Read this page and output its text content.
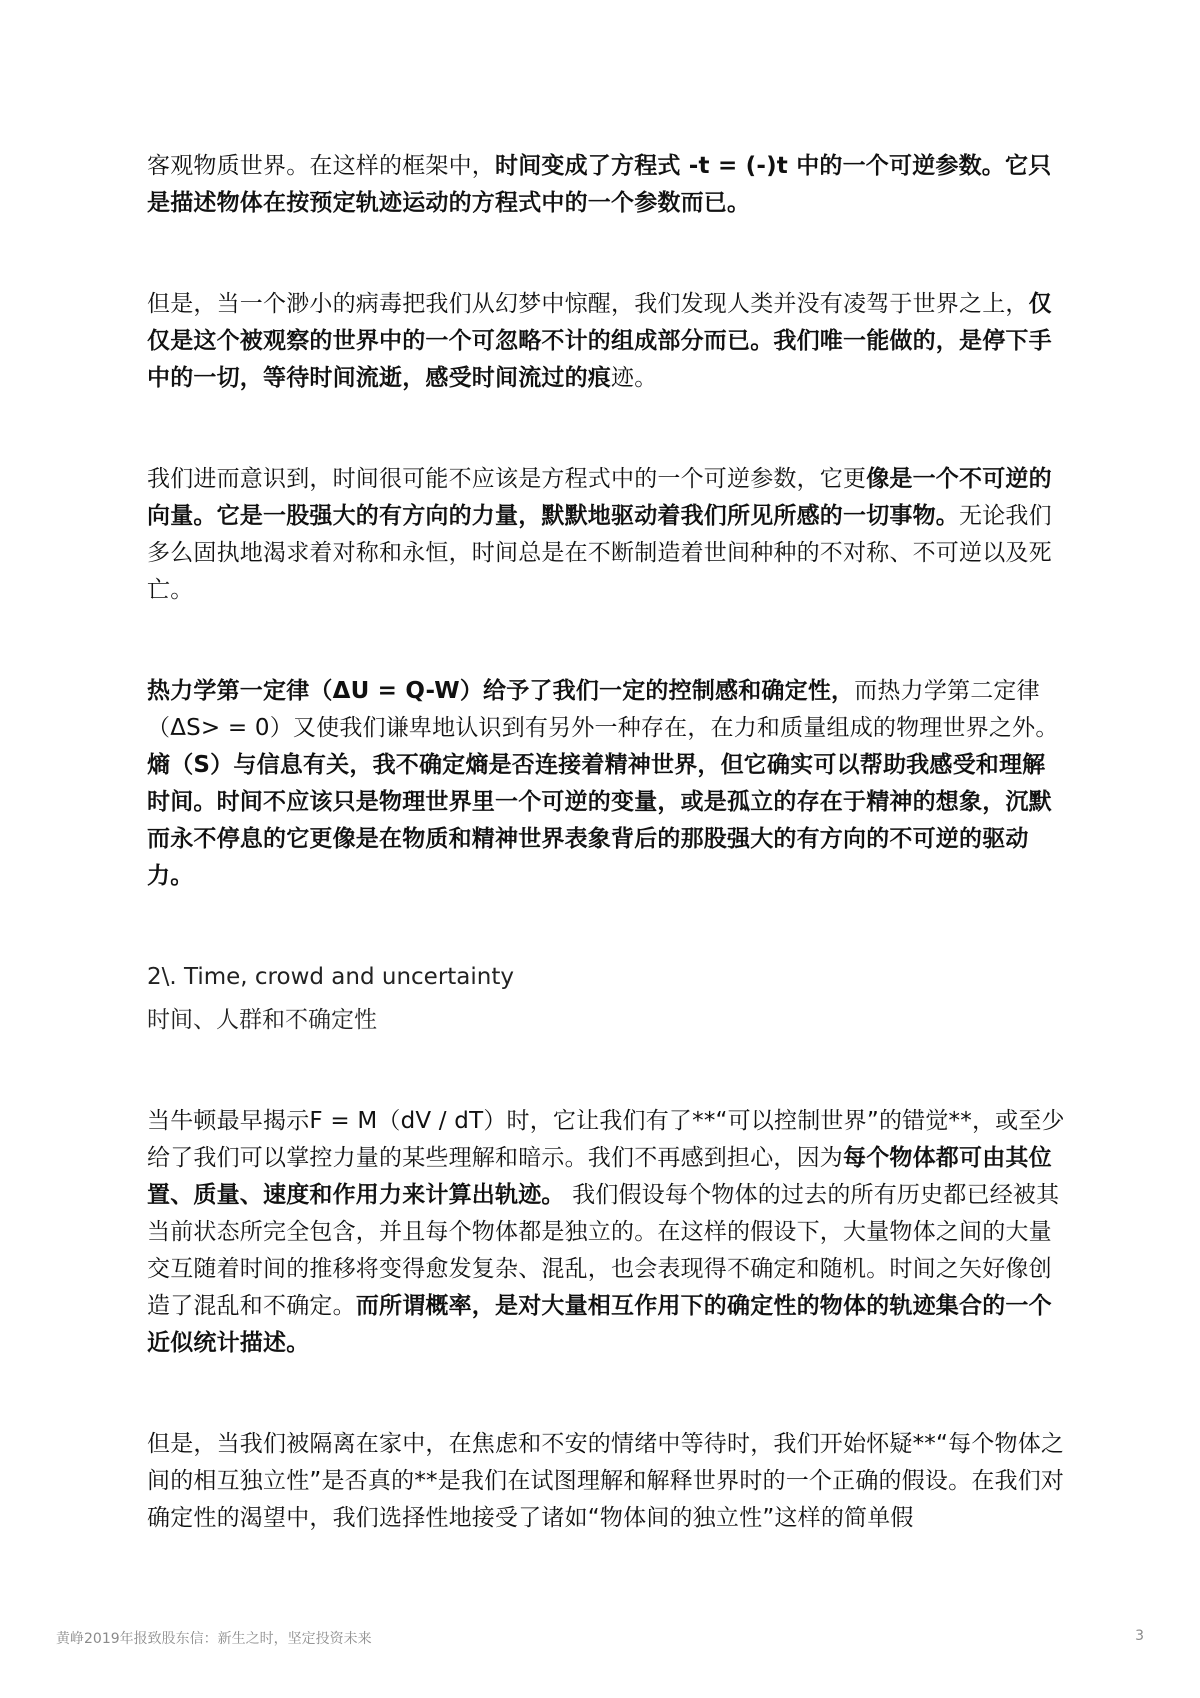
客观物质世界。在这样的框架中，时间变成了方程式 -t = (-)t 中的一个可逆参数。它只是描述物体在按预定轨迹运动的方程式中的一个参数而已。

但是，当一个渺小的病毒把我们从幻梦中惊醒，我们发现人类并没有凌驾于世界之上，仅仅是这个被观察的世界中的一个可忽略不计的组成部分而已。我们唯一能做的，是停下手中的一切，等待时间流逝，感受时间流过的痕迹。

我们进而意识到，时间很可能不应该是方程式中的一个可逆参数，它更像是一个不可逆的向量。它是一股强大的有方向的力量，默默地驱动着我们所见所感的一切事物。无论我们多么固执地渴求着对称和永恒，时间总是在不断制造着世间种种的不对称、不可逆以及死亡。

热力学第一定律（ΔU = Q-W）给予了我们一定的控制感和确定性，而热力学第二定律（ΔS> = 0）又使我们谦卑地认识到有另外一种存在，在力和质量组成的物理世界之外。熵（S）与信息有关，我不确定熵是否连接着精神世界，但它确实可以帮助我感受和理解时间。时间不应该只是物理世界里一个可逆的变量，或是孤立的存在于精神的想象，沉默而永不停息的它更像是在物质和精神世界表象背后的那股强大的有方向的不可逆的驱动力。

2\. Time, crowd and uncertainty

时间、人群和不确定性

当牛顿最早揭示F = M（dV / dT）时，它让我们有了**“可以控制世界”的错觉**，或至少给了我们可以掌控力量的某些理解和暗示。我们不再感到担心，因为每个物体都可由其位置、质量、速度和作用力来计算出轨迹。 我们假设每个物体的过去的所有历史都已经被其当前状态所完全包含，并且每个物体都是独立的。在这样的假设下，大量物体之间的大量交互随着时间的推移将变得愈发复杂、混乱，也会表现得不确定和随机。时间之矢好像创造了混乱和不确定。而所谓概率，是对大量相互作用下的确定性的物体的轨迹集合的一个近似统计描述。

但是，当我们被隔离在家中，在焦虑和不安的情绪中等待时，我们开始怀疑**“每个物体之间的相互独立性”是否真的**是我们在试图理解和解释世界时的一个正确的假设。在我们对确定性的渴望中，我们选择性地接受了诸如“物体间的独立性”这样的简单假

黄峥2019年报致股东信：新生之时，坚定投资未来	3
